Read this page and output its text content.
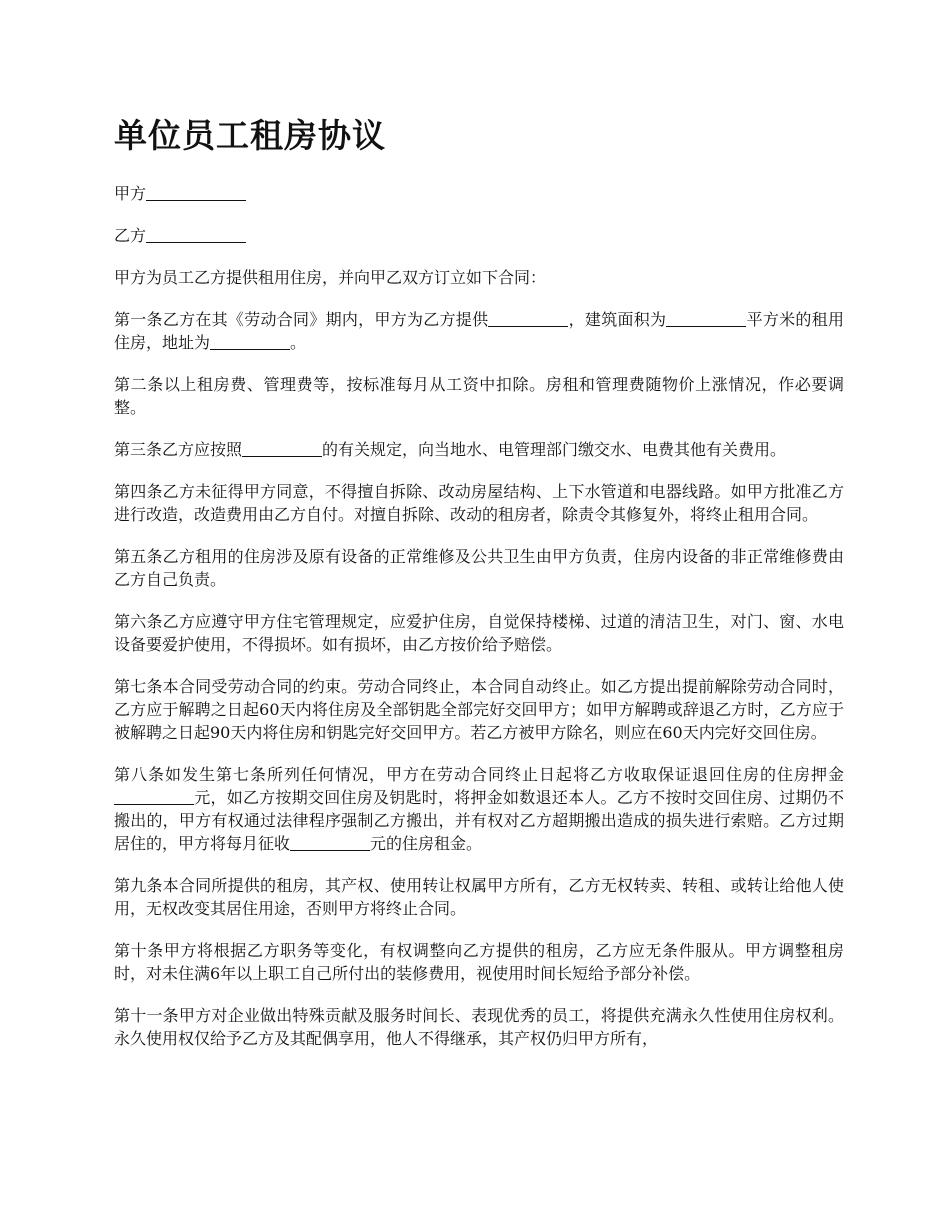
单位员工租房协议

甲方

乙方

甲方为员工乙方提供租用住房，并向甲乙双方订立如下合同：

第一条乙方在其《劳动合同》期内，甲方为乙方提供	，建筑面积为	平方米的租用住房，地址为	。

第二条以上租房费、管理费等，按标准每月从工资中扣除。房租和管理费随物价上涨情况，作必要调整。

第三条乙方应按照	的有关规定，向当地水、电管理部门缴交水、电费其他有关费用。

第四条乙方未征得甲方同意，不得擅自拆除、改动房屋结构、上下水管道和电器线路。如甲方批准乙方进行改造，改造费用由乙方自付。对擅自拆除、改动的租房者，除责令其修复外，将终止租用合同。

第五条乙方租用的住房涉及原有设备的正常维修及公共卫生由甲方负责，住房内设备的非正常维修费由乙方自己负责。

第六条乙方应遵守甲方住宅管理规定，应爱护住房，自觉保持楼梯、过道的清洁卫生，对门、窗、水电设备要爱护使用，不得损坏。如有损坏，由乙方按价给予赔偿。

第七条本合同受劳动合同的约束。劳动合同终止，本合同自动终止。如乙方提出提前解除劳动合同时，乙方应于解聘之日起60天内将住房及全部钥匙全部完好交回甲方；如甲方解聘或辞退乙方时，乙方应于被解聘之日起90天内将住房和钥匙完好交回甲方。若乙方被甲方除名，则应在60天内完好交回住房。

第八条如发生第七条所列任何情况，甲方在劳动合同终止日起将乙方收取保证退回住房的住房押金元，如乙方按期交回住房及钥匙时，将押金如数退还本人。乙方不按时交回住房、过期仍不搬出的，甲方有权通过法律程序强制乙方搬出，并有权对乙方超期搬出造成的损失进行索赔。乙方过期居住的，甲方将每月征收	元的住房租金。

第九条本合同所提供的租房，其产权、使用转让权属甲方所有，乙方无权转卖、转租、或转让给他人使用，无权改变其居住用途，否则甲方将终止合同。

第十条甲方将根据乙方职务等变化，有权调整向乙方提供的租房，乙方应无条件服从。甲方调整租房时，对未住满6年以上职工自己所付出的装修费用，视使用时间长短给予部分补偿。

第十一条甲方对企业做出特殊贡献及服务时间长、表现优秀的员工，将提供充满永久性使用住房权利。永久使用权仅给予乙方及其配偶享用，他人不得继承，其产权仍归甲方所有，
